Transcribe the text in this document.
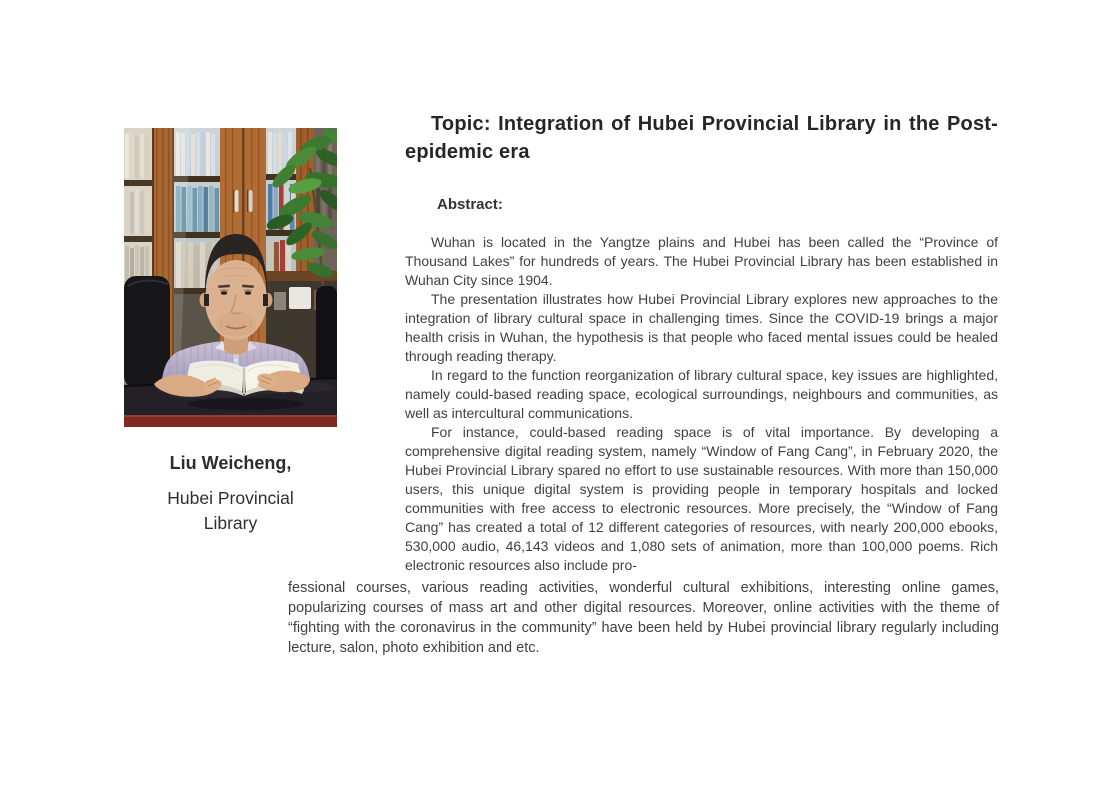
Liu Weicheng,
Hubei Provincial Library
Topic: Integration of Hubei Provincial Library in the Post-epidemic era
Abstract:

Wuhan is located in the Yangtze plains and Hubei has been called the “Province of Thousand Lakes” for hundreds of years. The Hubei Provincial Library has been established in Wuhan City since 1904.

The presentation illustrates how Hubei Provincial Library explores new approaches to the integration of library cultural space in challenging times. Since the COVID-19 brings a major health crisis in Wuhan, the hypothesis is that people who faced mental issues could be healed through reading therapy.

In regard to the function reorganization of library cultural space, key issues are highlighted, namely could-based reading space, ecological surroundings, neighbours and communities, as well as intercultural communications.

For instance, could-based reading space is of vital importance. By developing a comprehensive digital reading system, namely “Window of Fang Cang”, in February 2020, the Hubei Provincial Library spared no effort to use sustainable resources. With more than 150,000 users, this unique digital system is providing people in temporary hospitals and locked communities with free access to electronic resources. More precisely, the “Window of Fang Cang” has created a total of 12 different categories of resources, with nearly 200,000 ebooks, 530,000 audio, 46,143 videos and 1,080 sets of animation, more than 100,000 poems. Rich electronic resources also include pro-

fessional courses, various reading activities, wonderful cultural exhibitions, interesting online games, popularizing courses of mass art and other digital resources. Moreover, online activities with the theme of “fighting with the coronavirus in the community” have been held by Hubei provincial library regularly including lecture, salon, photo exhibition and etc.
